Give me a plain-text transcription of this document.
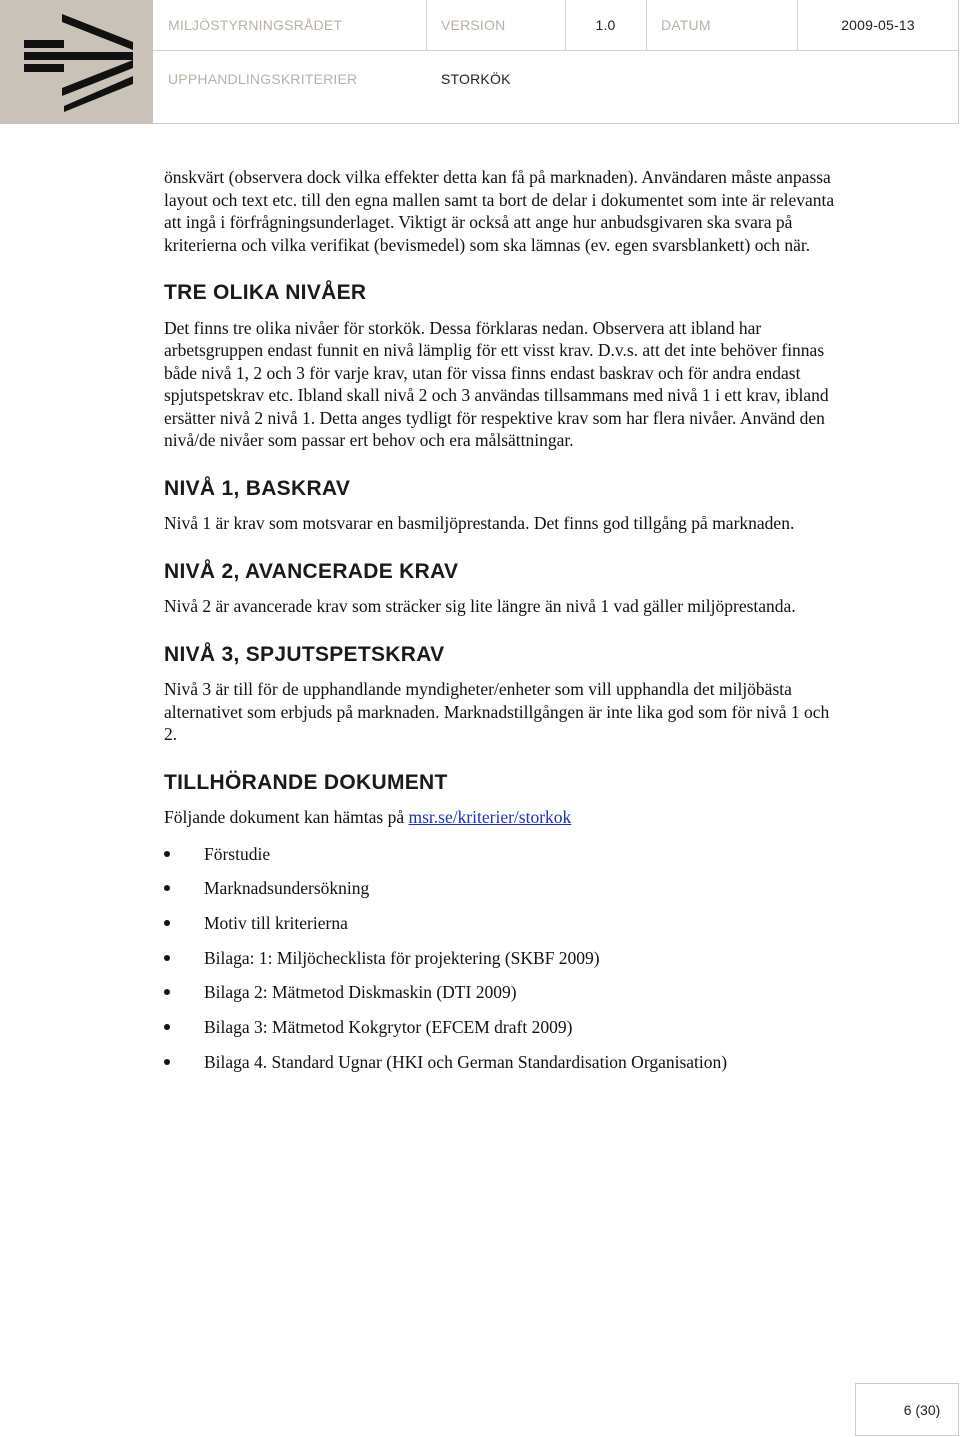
MILJÖSTYRNINGSRÅDET	VERSION	1.0	DATUM	2009-05-13
UPPHANDLINGSKRITERIER	STORKÖK

önskvärt (observera dock vilka effekter detta kan få på marknaden). Användaren måste anpassa

layout och text etc. till den egna mallen samt ta bort de delar i dokumentet som inte är relevanta

att ingå i förfrågningsunderlaget. Viktigt är också att ange hur anbudsgivaren ska svara på

kriterierna och vilka verifikat (bevismedel) som ska lämnas (ev. egen svarsblankett) och när.

TRE OLIKA NIVÅER

Det finns tre olika nivåer för storkök. Dessa förklaras nedan. Observera att ibland har

arbetsgruppen endast funnit en nivå lämplig för ett visst krav. D.v.s. att det inte behöver finnas

både nivå 1, 2 och 3 för varje krav, utan för vissa finns endast baskrav och för andra endast

spjutspetskrav etc. Ibland skall nivå 2 och 3 användas tillsammans med nivå 1 i ett krav, ibland

ersätter nivå 2 nivå 1. Detta anges tydligt för respektive krav som har flera nivåer. Använd den

nivå/de nivåer som passar ert behov och era målsättningar.

NIVÅ 1, BASKRAV

Nivå 1 är krav som motsvarar en basmiljöprestanda. Det finns god tillgång på marknaden.

NIVÅ 2, AVANCERADE KRAV

Nivå 2 är avancerade krav som sträcker sig lite längre än nivå 1 vad gäller miljöprestanda.

NIVÅ 3, SPJUTSPETSKRAV

Nivå 3 är till för de upphandlande myndigheter/enheter som vill upphandla det miljöbästa

alternativet som erbjuds på marknaden. Marknadstillgången är inte lika god som för nivå 1 och

2.

TILLHÖRANDE DOKUMENT

Följande dokument kan hämtas på msr.se/kriterier/storkok

Förstudie
Marknadsundersökning
Motiv till kriterierna
Bilaga: 1: Miljöchecklista för projektering (SKBF 2009)
Bilaga 2: Mätmetod Diskmaskin (DTI 2009)
Bilaga 3: Mätmetod Kokgrytor (EFCEM draft 2009)
Bilaga 4. Standard Ugnar (HKI och German Standardisation Organisation)
6 (30)
